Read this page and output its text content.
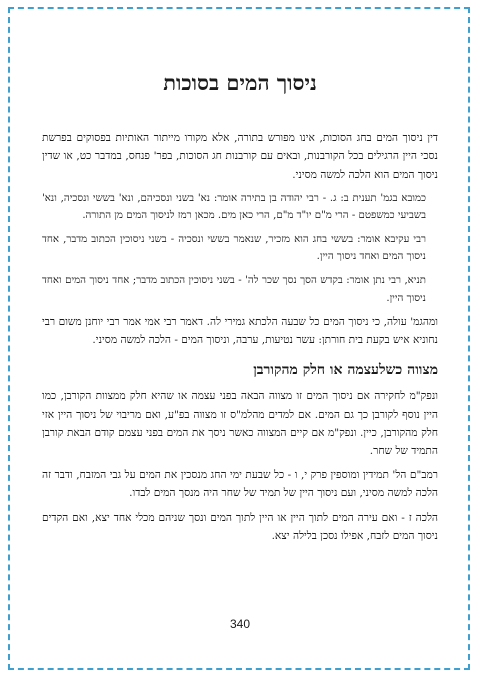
ניסוך המים בסוכות

דין ניסוך המים בחג הסוכות, אינו מפורש בתורה, אלא מקורו מייתור האותיות בפסוקים בפרשת נסכי היין הרגילים בכל הקורבנות, ובאים עם קורבנות חג הסוכות, בפר' פנחס, במדבר כט, או שדין ניסוך המים הוא הלכה למשה מסיני.

כמובא בגמ' תענית ב: ג. - רבי יהודה בן בתירה אומר: נא' בשני ונסכיהם, ונא' בששי ונסכיה, ונא' בשביעי כמשפטם - הרי מ"ם יו"ד מ"ם, הרי כאן מים. מכאן רמז לניסוך המים מן התורה.

רבי עקיבא אומר: בששי בחג הוא מזכיר, שנאמר בששי ונסכיה - בשני ניסוכין הכתוב מדבר, אחד ניסוך המים ואחד ניסוך היין.

תניא, רבי נתן אומר: בקדש הסך נסך שכר לה' - בשני ניסוכין הכתוב מדבר; אחד ניסוך המים ואחד ניסוך היין.

ומהגמ' עולה, כי ניסוך המים כל שבעה הלכתא גמירי לה. דאמר רבי אמי אמר רבי יוחנן משום רבי נחוניא איש בקעת בית חורתן: עשר נטיעות, ערבה, וניסוך המים - הלכה למשה מסיני.

מצווה כשלעצמה או חלק מהקורבן

ונפק"מ לחקירה אם ניסוך המים זו מצווה הבאה בפני עצמה או שהיא חלק ממצוות הקורבן, כמו היין נוסף לקורבן כך גם המים. אם למדים מהלמ"ס זו מצווה בפ"ע, ואם מריבוי של ניסוך היין אזי חלק מהקורבן, כיין. ונפק"מ אם קיים המצווה כאשר ניסך את המים בפני עצמם קודם הבאת קורבן התמיד של שחר.

רמב"ם הל' תמידין ומוספין פרק י, ו - כל שבעת ימי החג מנסכין את המים על גבי המזבח, ודבר זה הלכה למשה מסיני, ועם ניסוך היין של תמיד של שחר היה מנסך המים לבדו.

הלכה ז - ואם עירה המים לתוך היין או היין לתוך המים ונסך שניהם מכלי אחד יצא, ואם הקדים ניסוך המים לזבח, אפילו נסכן בלילה יצא.

340
